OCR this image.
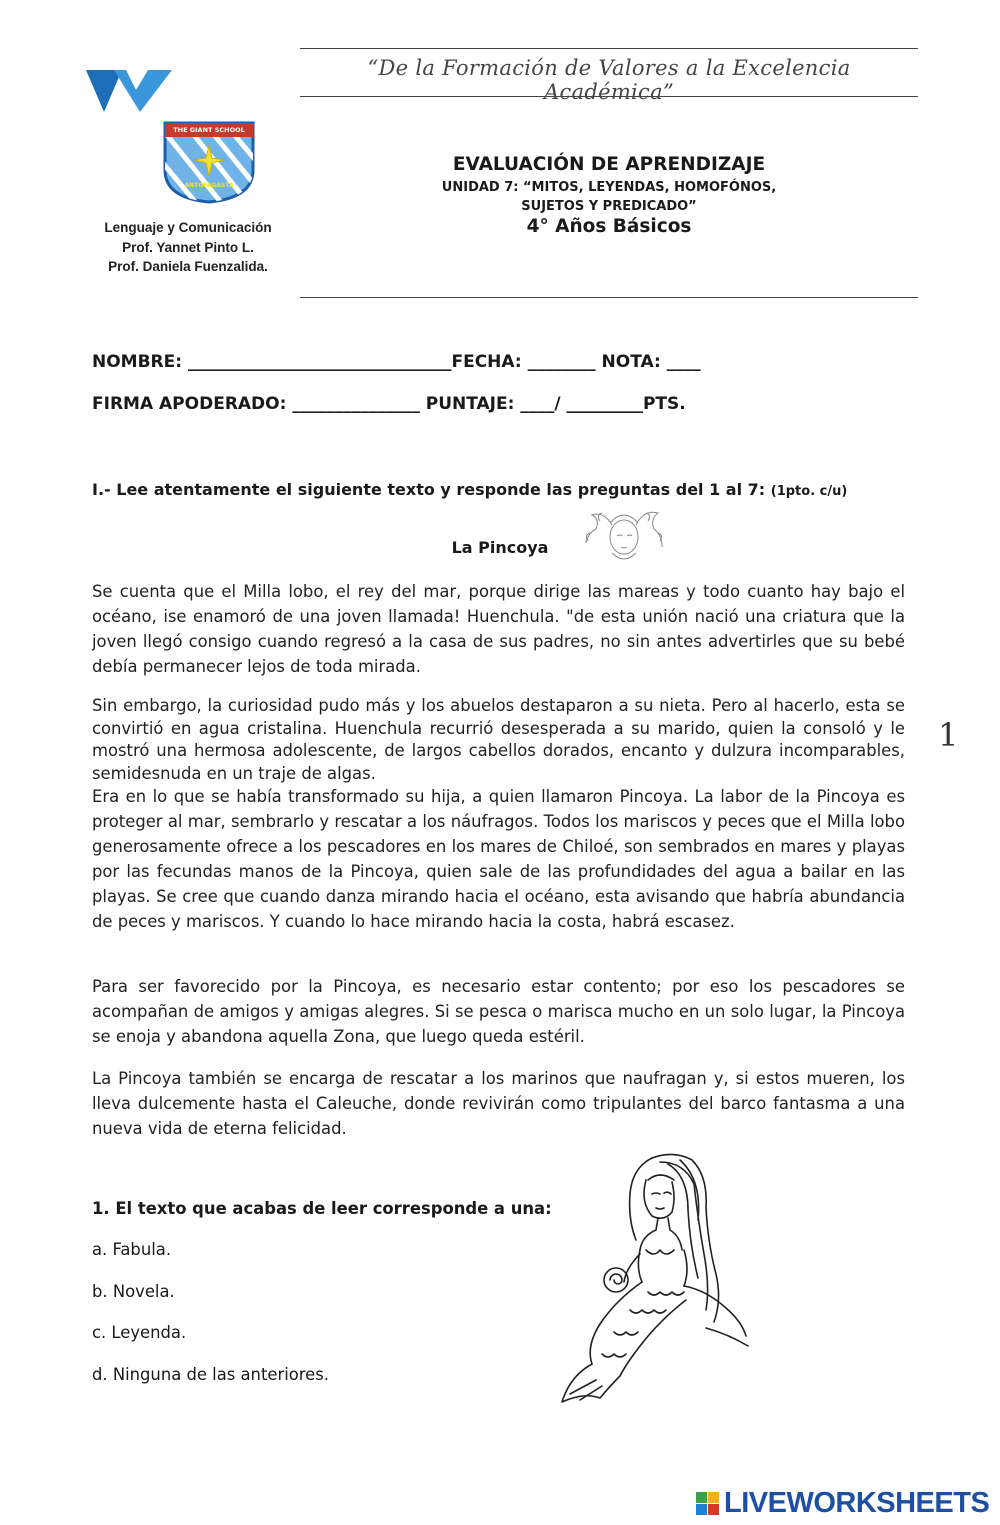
“De la Formación de Valores a la Excelencia Académica”
THE GIANT SCHOOL
ANTOFAGASTA
Lenguaje y Comunicación
Prof. Yannet Pinto L.
Prof. Daniela Fuenzalida.
EVALUACIÓN DE APRENDIZAJE
UNIDAD 7: “MITOS, LEYENDAS, HOMOFÓNOS,
SUJETOS Y PREDICADO”
4° Años Básicos
NOMBRE: _______________________________FECHA: ________ NOTA: ____
FIRMA APODERADO: _______________ PUNTAJE: ____/ _________PTS.
I.- Lee atentamente el siguiente texto y responde las preguntas del 1 al 7: (1pto. c/u)
La Pincoya
Se cuenta que el Milla lobo, el rey del mar, porque dirige las mareas y todo cuanto hay bajo el océano, ise enamoró de una joven llamada! Huenchula. "de esta unión nació una criatura que la joven llegó consigo cuando regresó a la casa de sus padres, no sin antes advertirles que su bebé debía permanecer lejos de toda mirada.
Sin embargo, la curiosidad pudo más y los abuelos destaparon a su nieta. Pero al hacerlo, esta se convirtió en agua cristalina. Huenchula recurrió desesperada a su marido, quien la consoló y le mostró una hermosa adolescente, de largos cabellos dorados, encanto y dulzura incomparables, semidesnuda en un traje de algas.
Era en lo que se había transformado su hija, a quien llamaron Pincoya. La labor de la Pincoya es proteger al mar, sembrarlo y rescatar a los náufragos. Todos los mariscos y peces que el Milla lobo generosamente ofrece a los pescadores en los mares de Chiloé, son sembrados en mares y playas por las fecundas manos de la Pincoya, quien sale de las profundidades del agua a bailar en las playas. Se cree que cuando danza mirando hacia el océano, esta avisando que habría abundancia de peces y mariscos. Y cuando lo hace mirando hacia la costa, habrá escasez.
Para ser favorecido por la Pincoya, es necesario estar contento; por eso los pescadores se acompañan de amigos y amigas alegres. Si se pesca o marisca mucho en un solo lugar, la Pincoya se enoja y abandona aquella Zona, que luego queda estéril.
La Pincoya también se encarga de rescatar a los marinos que naufragan y, si estos mueren, los lleva dulcemente hasta el Caleuche, donde revivirán como tripulantes del barco fantasma a una nueva vida de eterna felicidad.
1
1. El texto que acabas de leer corresponde a una:
a. Fabula.
b. Novela.
c. Leyenda.
d. Ninguna de las anteriores.
LIVEWORKSHEETS
